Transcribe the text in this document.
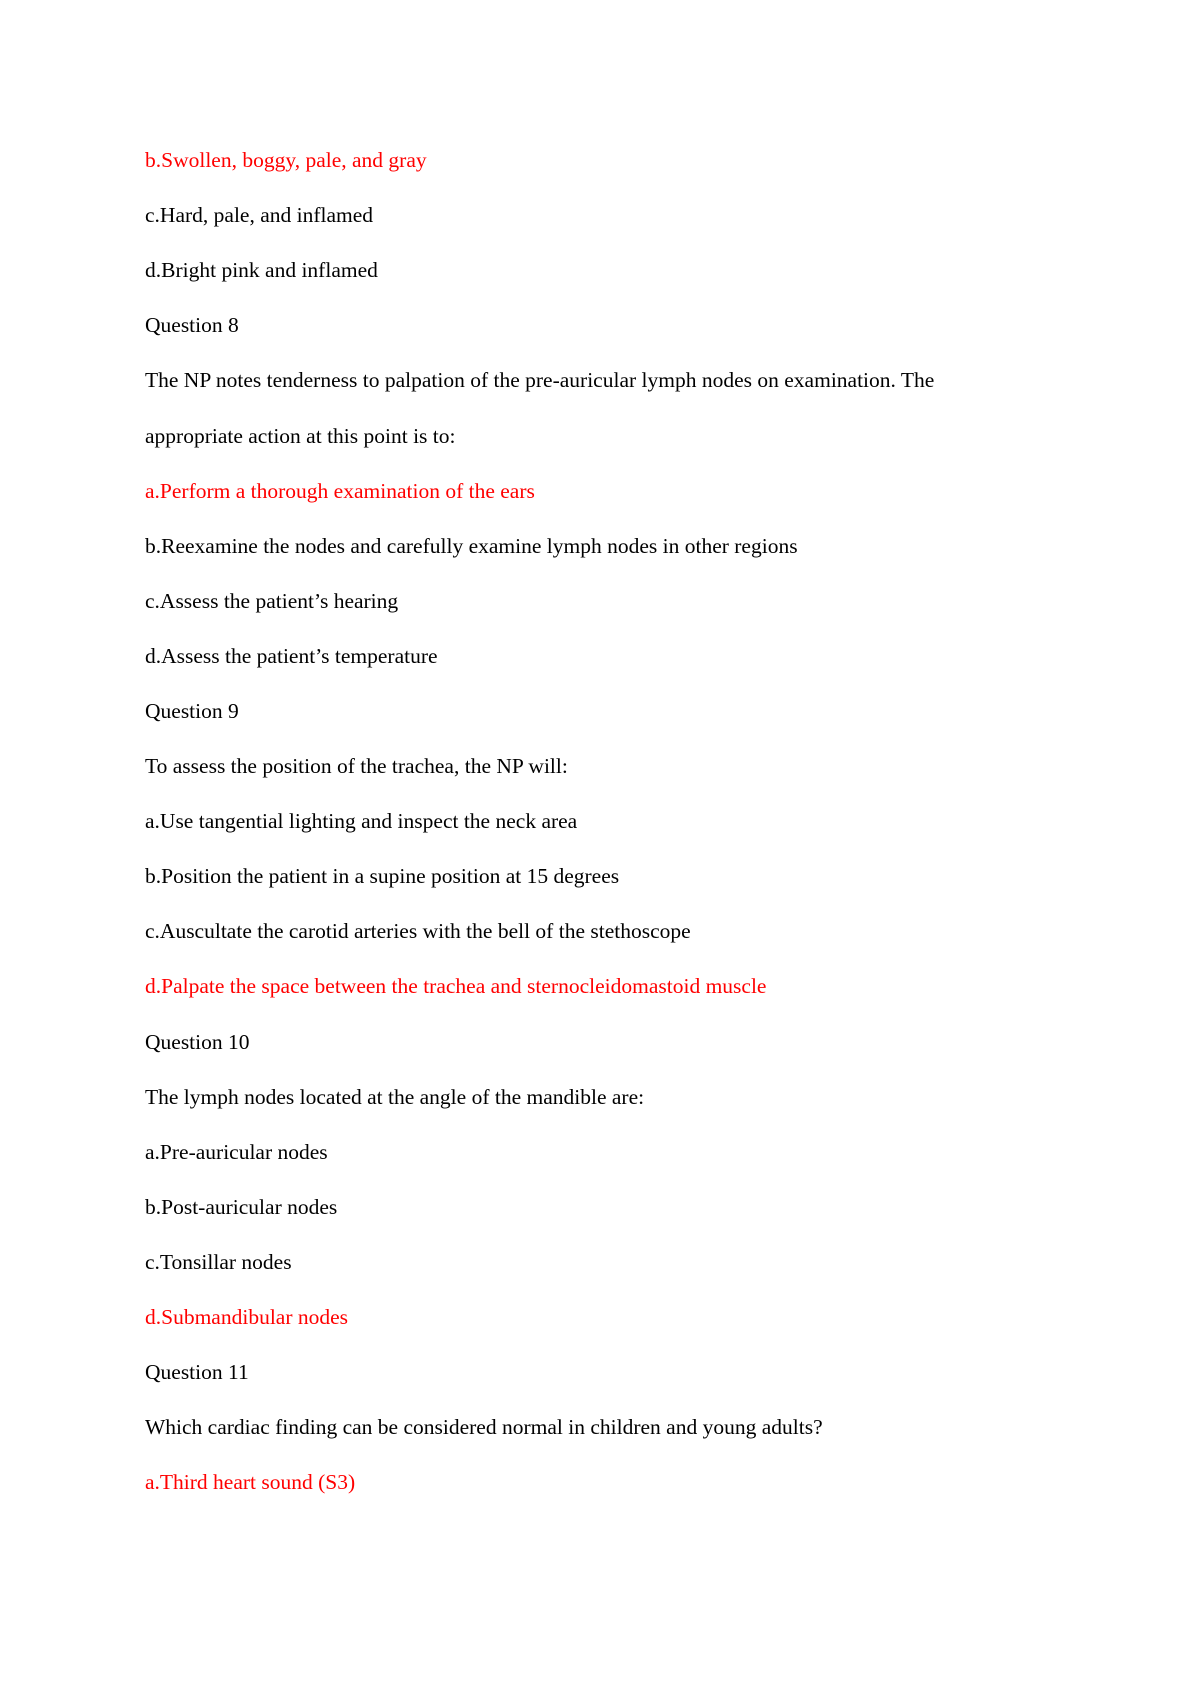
b.Swollen, boggy, pale, and gray

c.Hard, pale, and inflamed

d.Bright pink and inflamed

Question 8

The NP notes tenderness to palpation of the pre-auricular lymph nodes on examination. The

appropriate action at this point is to:

a.Perform a thorough examination of the ears

b.Reexamine the nodes and carefully examine lymph nodes in other regions

c.Assess the patient’s hearing

d.Assess the patient’s temperature

Question 9

To assess the position of the trachea, the NP will:

a.Use tangential lighting and inspect the neck area

b.Position the patient in a supine position at 15 degrees

c.Auscultate the carotid arteries with the bell of the stethoscope

d.Palpate the space between the trachea and sternocleidomastoid muscle

Question 10

The lymph nodes located at the angle of the mandible are:

a.Pre-auricular nodes

b.Post-auricular nodes

c.Tonsillar nodes

d.Submandibular nodes

Question 11

Which cardiac finding can be considered normal in children and young adults?

a.Third heart sound (S3)
